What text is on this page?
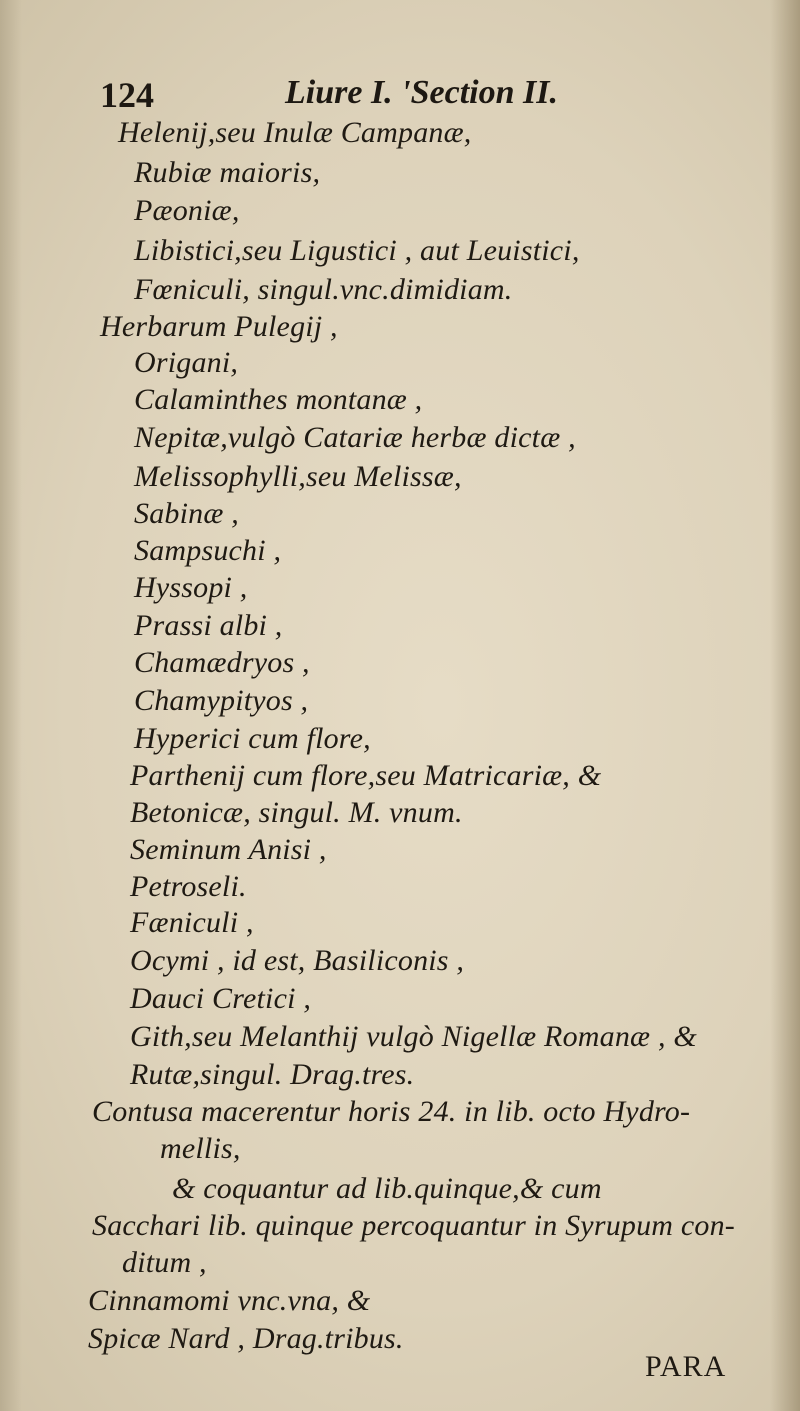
124	Liure I. 'Section II.
Helenij,seu Inulæ Campanæ,
Rubiæ maioris,
Pæoniæ,
Libistici,seu Ligustici , aut Leuistici,
Fœniculi, singul.vnc.dimidiam.
Herbarum Pulegij ,
Origani,
Calaminthes montanæ ,
Nepitæ,vulgò Catariæ herbæ dictæ ,
Melissophylli,seu Melissæ,
Sabinæ ,
Sampsuchi ,
Hyssopi ,
Prassi albi ,
Chamædryos ,
Chamypityos ,
Hyperici cum flore,
Parthenij cum flore,seu Matricariæ, &
Betonicæ, singul. M. vnum.
Seminum Anisi ,
Petroseli.
Fæniculi ,
Ocymi , id est, Basiliconis ,
Dauci Cretici ,
Gith,seu Melanthij vulgò Nigellæ Romanæ , &
Rutæ,singul. Drag.tres.
Contusa macerentur horis 24. in lib. octo Hydro-
mellis,
& coquantur ad lib.quinque,& cum
Sacchari lib. quinque percoquantur in Syrupum con-
ditum ,
Cinnamomi vnc.vna, &
Spicæ Nard , Drag.tribus.
PARA
